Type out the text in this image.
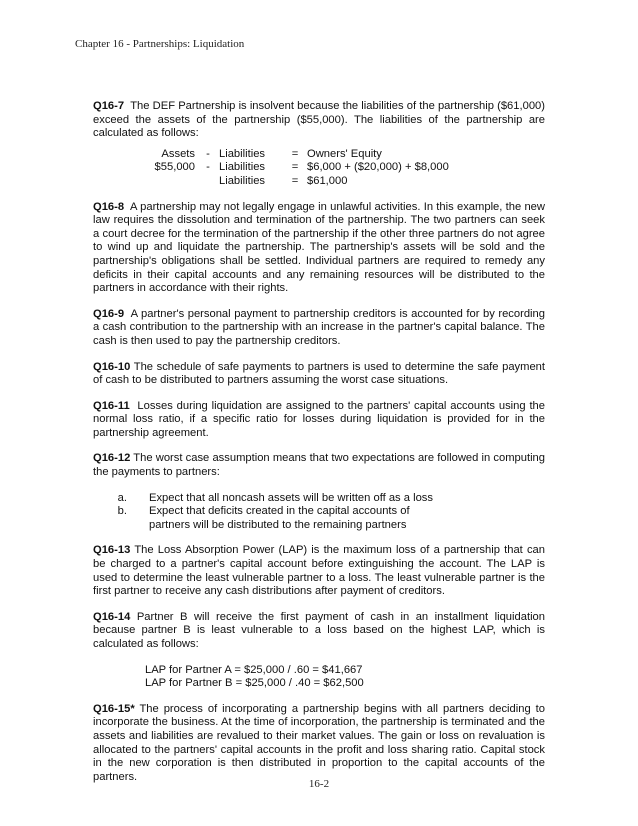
Chapter 16 - Partnerships: Liquidation

Q16-7 The DEF Partnership is insolvent because the liabilities of the partnership ($61,000) exceed the assets of the partnership ($55,000). The liabilities of the partnership are calculated as follows:

Assets - Liabilities	= Owners' Equity
$55,000 - Liabilities	= $6,000 + ($20,000) + $8,000
Liabilities	= $61,000

Q16-8 A partnership may not legally engage in unlawful activities. In this example, the new law requires the dissolution and termination of the partnership. The two partners can seek a court decree for the termination of the partnership if the other three partners do not agree to wind up and liquidate the partnership. The partnership's assets will be sold and the partnership's obligations shall be settled. Individual partners are required to remedy any deficits in their capital accounts and any remaining resources will be distributed to the partners in accordance with their rights.

Q16-9 A partner's personal payment to partnership creditors is accounted for by recording a cash contribution to the partnership with an increase in the partner's capital balance. The cash is then used to pay the partnership creditors.

Q16-10 The schedule of safe payments to partners is used to determine the safe payment of cash to be distributed to partners assuming the worst case situations.

Q16-11 Losses during liquidation are assigned to the partners' capital accounts using the normal loss ratio, if a specific ratio for losses during liquidation is provided for in the partnership agreement.

Q16-12 The worst case assumption means that two expectations are followed in computing the payments to partners:

a.	Expect that all noncash assets will be written off as a loss
b.	Expect that deficits created in the capital accounts of
partners will be distributed to the remaining partners

Q16-13 The Loss Absorption Power (LAP) is the maximum loss of a partnership that can be charged to a partner's capital account before extinguishing the account. The LAP is used to determine the least vulnerable partner to a loss. The least vulnerable partner is the first partner to receive any cash distributions after payment of creditors.

Q16-14 Partner B will receive the first payment of cash in an installment liquidation because partner B is least vulnerable to a loss based on the highest LAP, which is calculated as follows:

LAP for Partner A = $25,000 / .60 = $41,667
LAP for Partner B = $25,000 / .40 = $62,500

Q16-15* The process of incorporating a partnership begins with all partners deciding to incorporate the business. At the time of incorporation, the partnership is terminated and the assets and liabilities are revalued to their market values. The gain or loss on revaluation is allocated to the partners' capital accounts in the profit and loss sharing ratio. Capital stock in the new corporation is then distributed in proportion to the capital accounts of the partners.

16-2
